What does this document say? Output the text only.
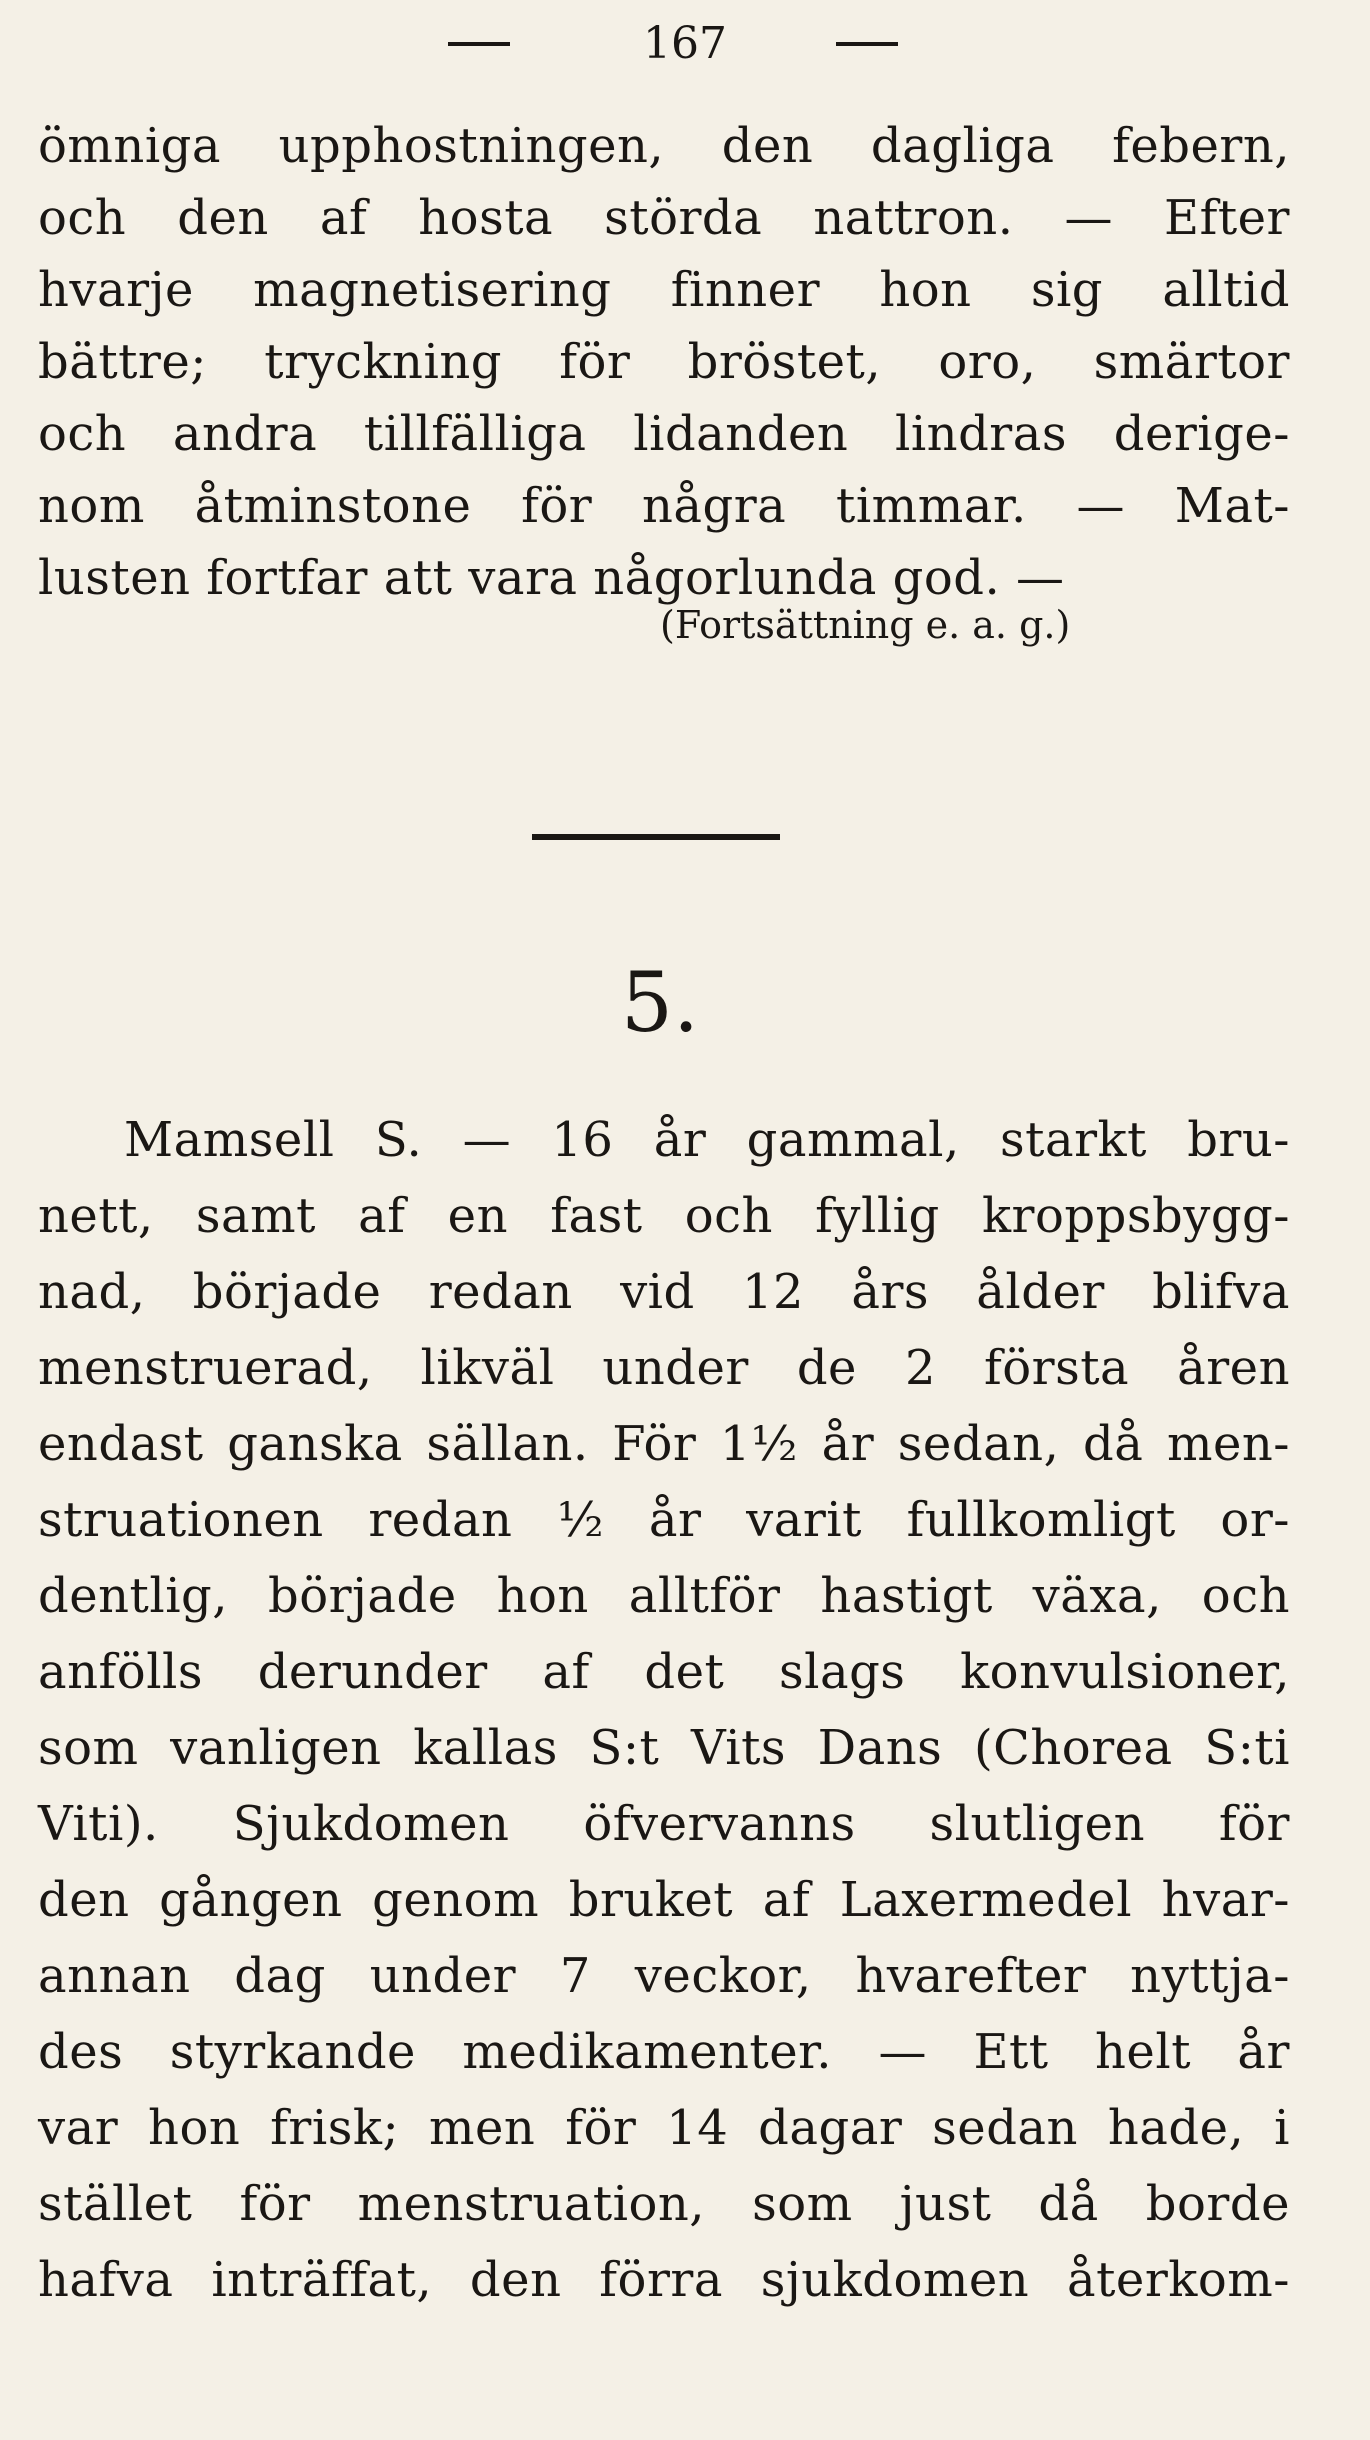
167
ömniga upphostningen, den dagliga febern,
och den af hosta störda nattron. — Efter
hvarje magnetisering finner hon sig alltid
bättre; tryckning för bröstet, oro, smärtor
och andra tillfälliga lidanden lindras derige-
nom åtminstone för några timmar. — Mat-
lusten fortfar att vara någorlunda god. —
(Fortsättning e. a. g.)
5.
Mamsell S. — 16 år gammal, starkt bru-
nett, samt af en fast och fyllig kroppsbygg-
nad, började redan vid 12 års ålder blifva
menstruerad, likväl under de 2 första åren
endast ganska sällan. För 1½ år sedan, då men-
struationen redan ½ år varit fullkomligt or-
dentlig, började hon alltför hastigt växa, och
anfölls derunder af det slags konvulsioner,
som vanligen kallas S:t Vits Dans (Chorea S:ti
Viti). Sjukdomen öfvervanns slutligen för
den gången genom bruket af Laxermedel hvar-
annan dag under 7 veckor, hvarefter nyttja-
des styrkande medikamenter. — Ett helt år
var hon frisk; men för 14 dagar sedan hade, i
stället för menstruation, som just då borde
hafva inträffat, den förra sjukdomen återkom-
